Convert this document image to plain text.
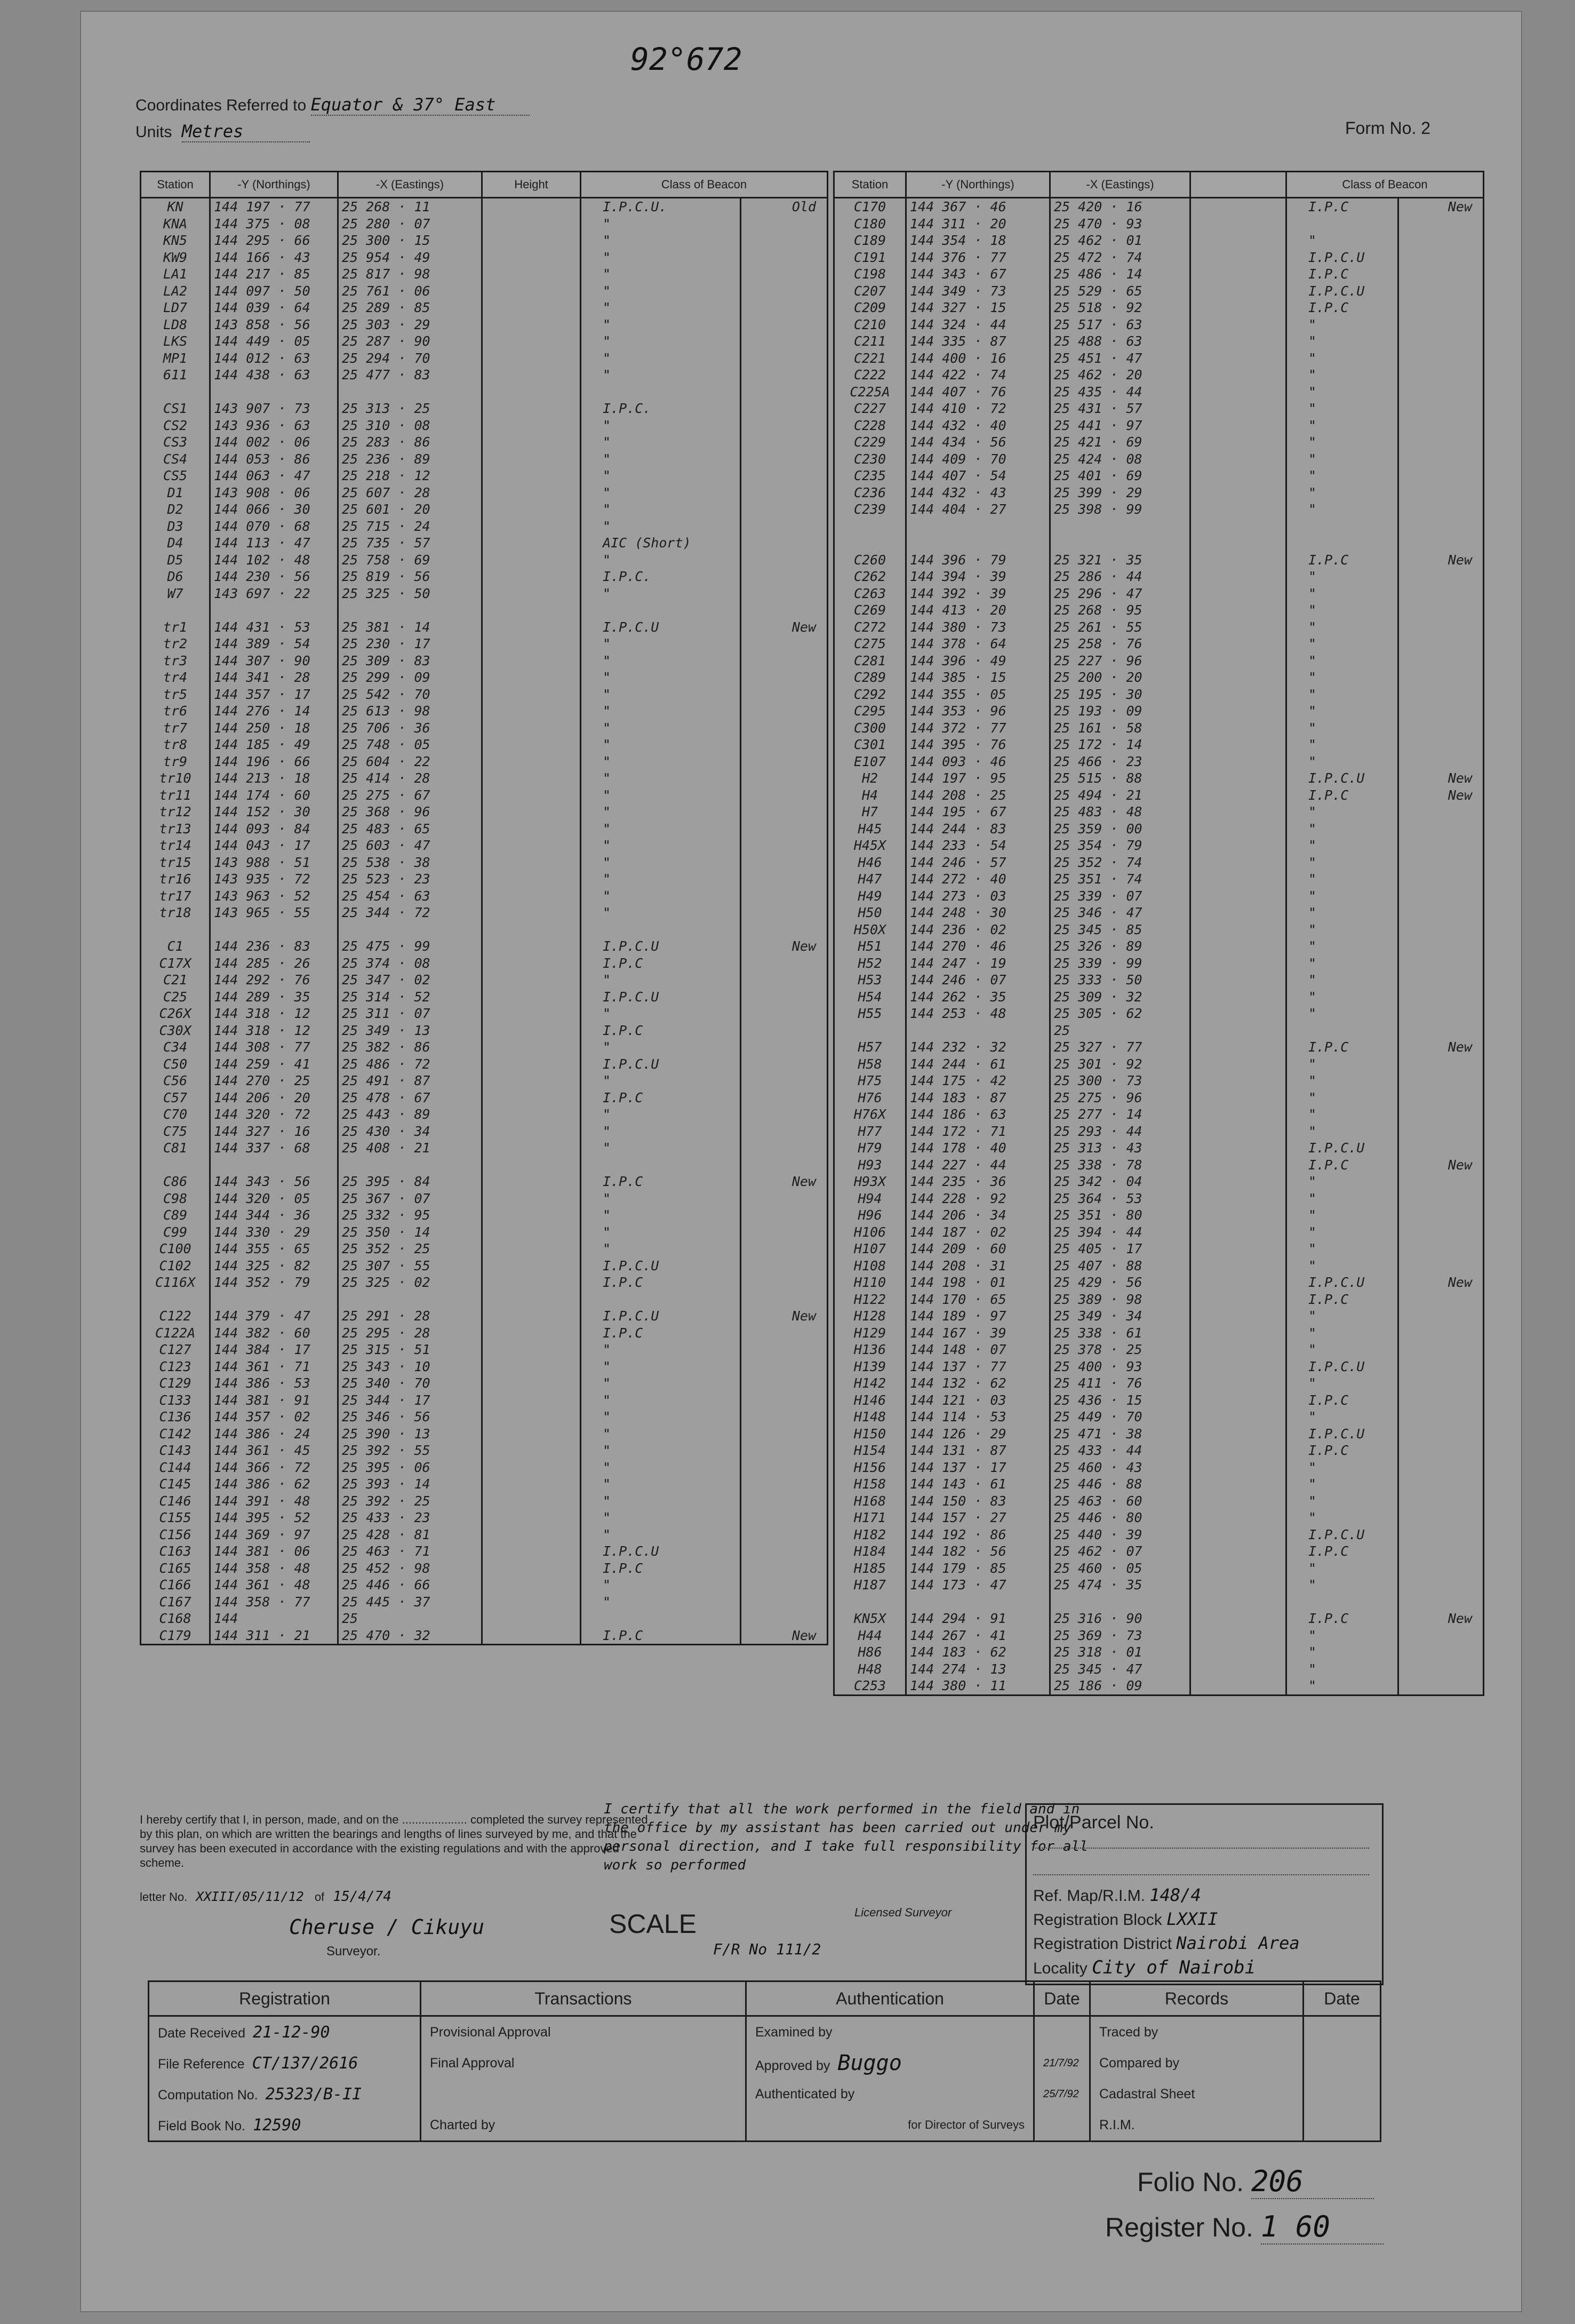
92°672
Coordinates Referred to Equator & 37° East
Units Metres	Form No. 2
Station	-Y (Northings)	-X (Eastings)	Height	Class of Beacon	
KN	144 197 · 77	25 268 · 11		I.P.C.U.	Old
KNA	144 375 · 08	25 280 · 07		"	
KN5	144 295 · 66	25 300 · 15		"	
KW9	144 166 · 43	25 954 · 49		"	
LA1	144 217 · 85	25 817 · 98		"	
LA2	144 097 · 50	25 761 · 06		"	
LD7	144 039 · 64	25 289 · 85		"	
LD8	143 858 · 56	25 303 · 29		"	
LKS	144 449 · 05	25 287 · 90		"	
MP1	144 012 · 63	25 294 · 70		"	
611	144 438 · 63	25 477 · 83		"	

CS1	143 907 · 73	25 313 · 25		I.P.C.	
CS2	143 936 · 63	25 310 · 08		"	
CS3	144 002 · 06	25 283 · 86		"	
CS4	144 053 · 86	25 236 · 89		"	
CS5	144 063 · 47	25 218 · 12		"	
D1	143 908 · 06	25 607 · 28		"	
D2	144 066 · 30	25 601 · 20		"	
D3	144 070 · 68	25 715 · 24		"	
D4	144 113 · 47	25 735 · 57		AIC (Short)	
D5	144 102 · 48	25 758 · 69		"	
D6	144 230 · 56	25 819 · 56		I.P.C.	
W7	143 697 · 22	25 325 · 50		"	

tr1	144 431 · 53	25 381 · 14		I.P.C.U	New
tr2	144 389 · 54	25 230 · 17		"	
tr3	144 307 · 90	25 309 · 83		"	
tr4	144 341 · 28	25 299 · 09		"	
tr5	144 357 · 17	25 542 · 70		"	
tr6	144 276 · 14	25 613 · 98		"	
tr7	144 250 · 18	25 706 · 36		"	
tr8	144 185 · 49	25 748 · 05		"	
tr9	144 196 · 66	25 604 · 22		"	
tr10	144 213 · 18	25 414 · 28		"	
tr11	144 174 · 60	25 275 · 67		"	
tr12	144 152 · 30	25 368 · 96		"	
tr13	144 093 · 84	25 483 · 65		"	
tr14	144 043 · 17	25 603 · 47		"	
tr15	143 988 · 51	25 538 · 38		"	
tr16	143 935 · 72	25 523 · 23		"	
tr17	143 963 · 52	25 454 · 63		"	
tr18	143 965 · 55	25 344 · 72		"	

C1	144 236 · 83	25 475 · 99		I.P.C.U	New
C17X	144 285 · 26	25 374 · 08		I.P.C	
C21	144 292 · 76	25 347 · 02		"	
C25	144 289 · 35	25 314 · 52		I.P.C.U	
C26X	144 318 · 12	25 311 · 07		"	
C30X	144 318 · 12	25 349 · 13		I.P.C	
C34	144 308 · 77	25 382 · 86		"	
C50	144 259 · 41	25 486 · 72		I.P.C.U	
C56	144 270 · 25	25 491 · 87		"	
C57	144 206 · 20	25 478 · 67		I.P.C	
C70	144 320 · 72	25 443 · 89		"	
C75	144 327 · 16	25 430 · 34		"	
C81	144 337 · 68	25 408 · 21		"	

C86	144 343 · 56	25 395 · 84		I.P.C	New
C98	144 320 · 05	25 367 · 07		"	
C89	144 344 · 36	25 332 · 95		"	
C99	144 330 · 29	25 350 · 14		"	
C100	144 355 · 65	25 352 · 25		"	
C102	144 325 · 82	25 307 · 55		I.P.C.U	
C116X	144 352 · 79	25 325 · 02		I.P.C	

C122	144 379 · 47	25 291 · 28		I.P.C.U	New
C122A	144 382 · 60	25 295 · 28		I.P.C	
C127	144 384 · 17	25 315 · 51		"	
C123	144 361 · 71	25 343 · 10		"	
C129	144 386 · 53	25 340 · 70		"	
C133	144 381 · 91	25 344 · 17		"	
C136	144 357 · 02	25 346 · 56		"	
C142	144 386 · 24	25 390 · 13		"	
C143	144 361 · 45	25 392 · 55		"	
C144	144 366 · 72	25 395 · 06		"	
C145	144 386 · 62	25 393 · 14		"	
C146	144 391 · 48	25 392 · 25		"	
C155	144 395 · 52	25 433 · 23		"	
C156	144 369 · 97	25 428 · 81		"	
C163	144 381 · 06	25 463 · 71		I.P.C.U	
C165	144 358 · 48	25 452 · 98		I.P.C	
C166	144 361 · 48	25 446 · 66		"	
C167	144 358 · 77	25 445 · 37		"	
C168	144	25			
C179	144 311 · 21	25 470 · 32		I.P.C	New
Station	-Y (Northings)	-X (Eastings)		Class of Beacon	
C170	144 367 · 46	25 420 · 16		I.P.C	New
C180	144 311 · 20	25 470 · 93			
C189	144 354 · 18	25 462 · 01		"	
C191	144 376 · 77	25 472 · 74		I.P.C.U	
C198	144 343 · 67	25 486 · 14		I.P.C	
C207	144 349 · 73	25 529 · 65		I.P.C.U	
C209	144 327 · 15	25 518 · 92		I.P.C	
C210	144 324 · 44	25 517 · 63		"	
C211	144 335 · 87	25 488 · 63		"	
C221	144 400 · 16	25 451 · 47		"	
C222	144 422 · 74	25 462 · 20		"	
C225A	144 407 · 76	25 435 · 44		"	
C227	144 410 · 72	25 431 · 57		"	
C228	144 432 · 40	25 441 · 97		"	
C229	144 434 · 56	25 421 · 69		"	
C230	144 409 · 70	25 424 · 08		"	
C235	144 407 · 54	25 401 · 69		"	
C236	144 432 · 43	25 399 · 29		"	
C239	144 404 · 27	25 398 · 99		"	

C260	144 396 · 79	25 321 · 35		I.P.C	New
C262	144 394 · 39	25 286 · 44		"	
C263	144 392 · 39	25 296 · 47		"	
C269	144 413 · 20	25 268 · 95		"	
C272	144 380 · 73	25 261 · 55		"	
C275	144 378 · 64	25 258 · 76		"	
C281	144 396 · 49	25 227 · 96		"	
C289	144 385 · 15	25 200 · 20		"	
C292	144 355 · 05	25 195 · 30		"	
C295	144 353 · 96	25 193 · 09		"	
C300	144 372 · 77	25 161 · 58		"	
C301	144 395 · 76	25 172 · 14		"	
E107	144 093 · 46	25 466 · 23		"	
H2	144 197 · 95	25 515 · 88		I.P.C.U	New
H4	144 208 · 25	25 494 · 21		I.P.C	New
H7	144 195 · 67	25 483 · 48		"	
H45	144 244 · 83	25 359 · 00		"	
H45X	144 233 · 54	25 354 · 79		"	
H46	144 246 · 57	25 352 · 74		"	
H47	144 272 · 40	25 351 · 74		"	
H49	144 273 · 03	25 339 · 07		"	
H50	144 248 · 30	25 346 · 47		"	
H50X	144 236 · 02	25 345 · 85		"	
H51	144 270 · 46	25 326 · 89		"	
H52	144 247 · 19	25 339 · 99		"	
H53	144 246 · 07	25 333 · 50		"	
H54	144 262 · 35	25 309 · 32		"	
H55	144 253 · 48	25 305 · 62		"	
		25			
H57	144 232 · 32	25 327 · 77		I.P.C	New
H58	144 244 · 61	25 301 · 92		"	
H75	144 175 · 42	25 300 · 73		"	
H76	144 183 · 87	25 275 · 96		"	
H76X	144 186 · 63	25 277 · 14		"	
H77	144 172 · 71	25 293 · 44		"	
H79	144 178 · 40	25 313 · 43		I.P.C.U	
H93	144 227 · 44	25 338 · 78		I.P.C	New
H93X	144 235 · 36	25 342 · 04		"	
H94	144 228 · 92	25 364 · 53		"	
H96	144 206 · 34	25 351 · 80		"	
H106	144 187 · 02	25 394 · 44		"	
H107	144 209 · 60	25 405 · 17		"	
H108	144 208 · 31	25 407 · 88		"	
H110	144 198 · 01	25 429 · 56		I.P.C.U	New
H122	144 170 · 65	25 389 · 98		I.P.C	
H128	144 189 · 97	25 349 · 34		"	
H129	144 167 · 39	25 338 · 61		"	
H136	144 148 · 07	25 378 · 25		"	
H139	144 137 · 77	25 400 · 93		I.P.C.U	
H142	144 132 · 62	25 411 · 76		"	
H146	144 121 · 03	25 436 · 15		I.P.C	
H148	144 114 · 53	25 449 · 70		"	
H150	144 126 · 29	25 471 · 38		I.P.C.U	
H154	144 131 · 87	25 433 · 44		I.P.C	
H156	144 137 · 17	25 460 · 43		"	
H158	144 143 · 61	25 446 · 88		"	
H168	144 150 · 83	25 463 · 60		"	
H171	144 157 · 27	25 446 · 80		"	
H182	144 192 · 86	25 440 · 39		I.P.C.U	
H184	144 182 · 56	25 462 · 07		I.P.C	
H185	144 179 · 85	25 460 · 05		"	
H187	144 173 · 47	25 474 · 35		"	

KN5X	144 294 · 91	25 316 · 90		I.P.C	New
H44	144 267 · 41	25 369 · 73		"	
H86	144 183 · 62	25 318 · 01		"	
H48	144 274 · 13	25 345 · 47		"	
C253	144 380 · 11	25 186 · 09		"	
I hereby certify that I, in person, made, and on the .................... completed the survey represented by this plan, on which are written the bearings and lengths of lines surveyed by me, and that the survey has been executed in accordance with the existing regulations and with the approved scheme.
letter No. XXIII/05/11/12 of 15/4/74
Cheruse / Cikuyu
Surveyor.
I certify that all the work performed in the field and in the office by my assistant has been carried out under my personal direction, and I take full responsibility for all work so performed
Licensed Surveyor
SCALE
F/R No 111/2
Plot/Parcel No.
Ref. Map/R.I.M. 148/4
Registration Block LXXII
Registration District Nairobi Area
Locality City of Nairobi
Registration	Transactions	Authentication	Date	Records	Date
Date Received 21-12-90	Provisional Approval	Examined by		Traced by	
File Reference CT/137/2616	Final Approval	Approved by Buggo	21/7/92	Compared by	
Computation No. 25323/B-II		Authenticated by	25/7/92	Cadastral Sheet	
Field Book No. 12590	Charted by	for Director of Surveys		R.I.M.	
Folio No. 206
Register No. 1 60
